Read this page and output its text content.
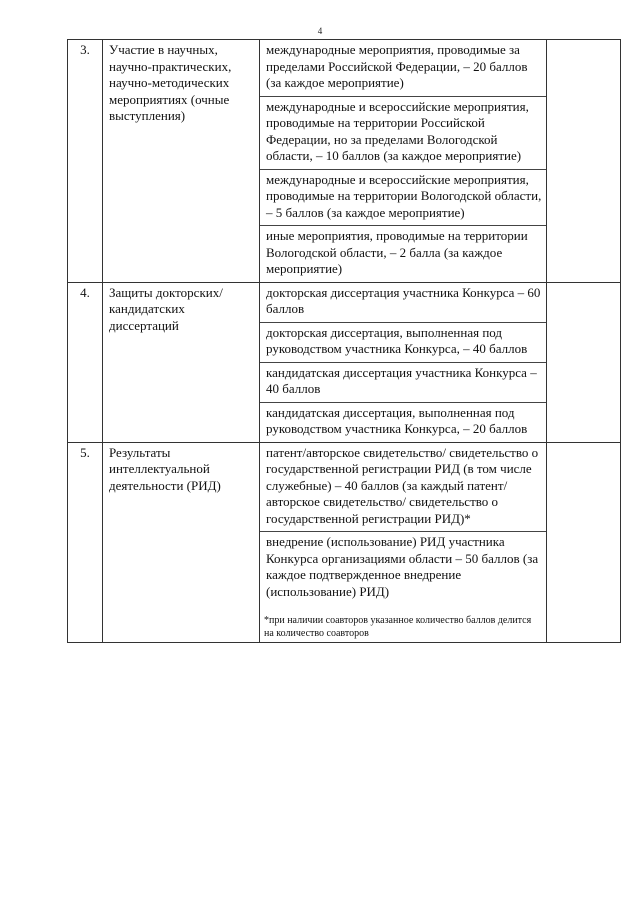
4
3.	Участие в научных, научно-практических, научно-методических мероприятиях (очные выступления)	международные мероприятия, проводимые за пределами Российской Федерации, – 20 баллов (за каждое мероприятие)
международные и всероссийские мероприятия, проводимые на территории Российской Федерации, но за пределами Вологодской области, – 10 баллов (за каждое мероприятие)
международные и всероссийские мероприятия, проводимые на территории Вологодской области, – 5 баллов (за каждое мероприятие)
иные мероприятия, проводимые на территории Вологодской области, – 2 балла (за каждое мероприятие)	

4.	Защиты докторских/ кандидатских диссертаций	докторская диссертация участника Конкурса – 60 баллов
докторская диссертация, выполненная под руководством участника Конкурса, – 40 баллов
кандидатская диссертация участника Конкурса – 40 баллов
кандидатская диссертация, выполненная под руководством участника Конкурса, – 20 баллов	

5.	Результаты интеллектуальной деятельности (РИД)	патент/авторское свидетельство/ свидетельство о государственной регистрации РИД (в том числе служебные) – 40 баллов (за каждый патент/авторское свидетельство/ свидетельство о государственной регистрации РИД)*
внедрение (использование) РИД участника Конкурса организациями области – 50 баллов (за каждое подтвержденное внедрение (использование) РИД)
*при наличии соавторов указанное количество баллов делится на количество соавторов	
